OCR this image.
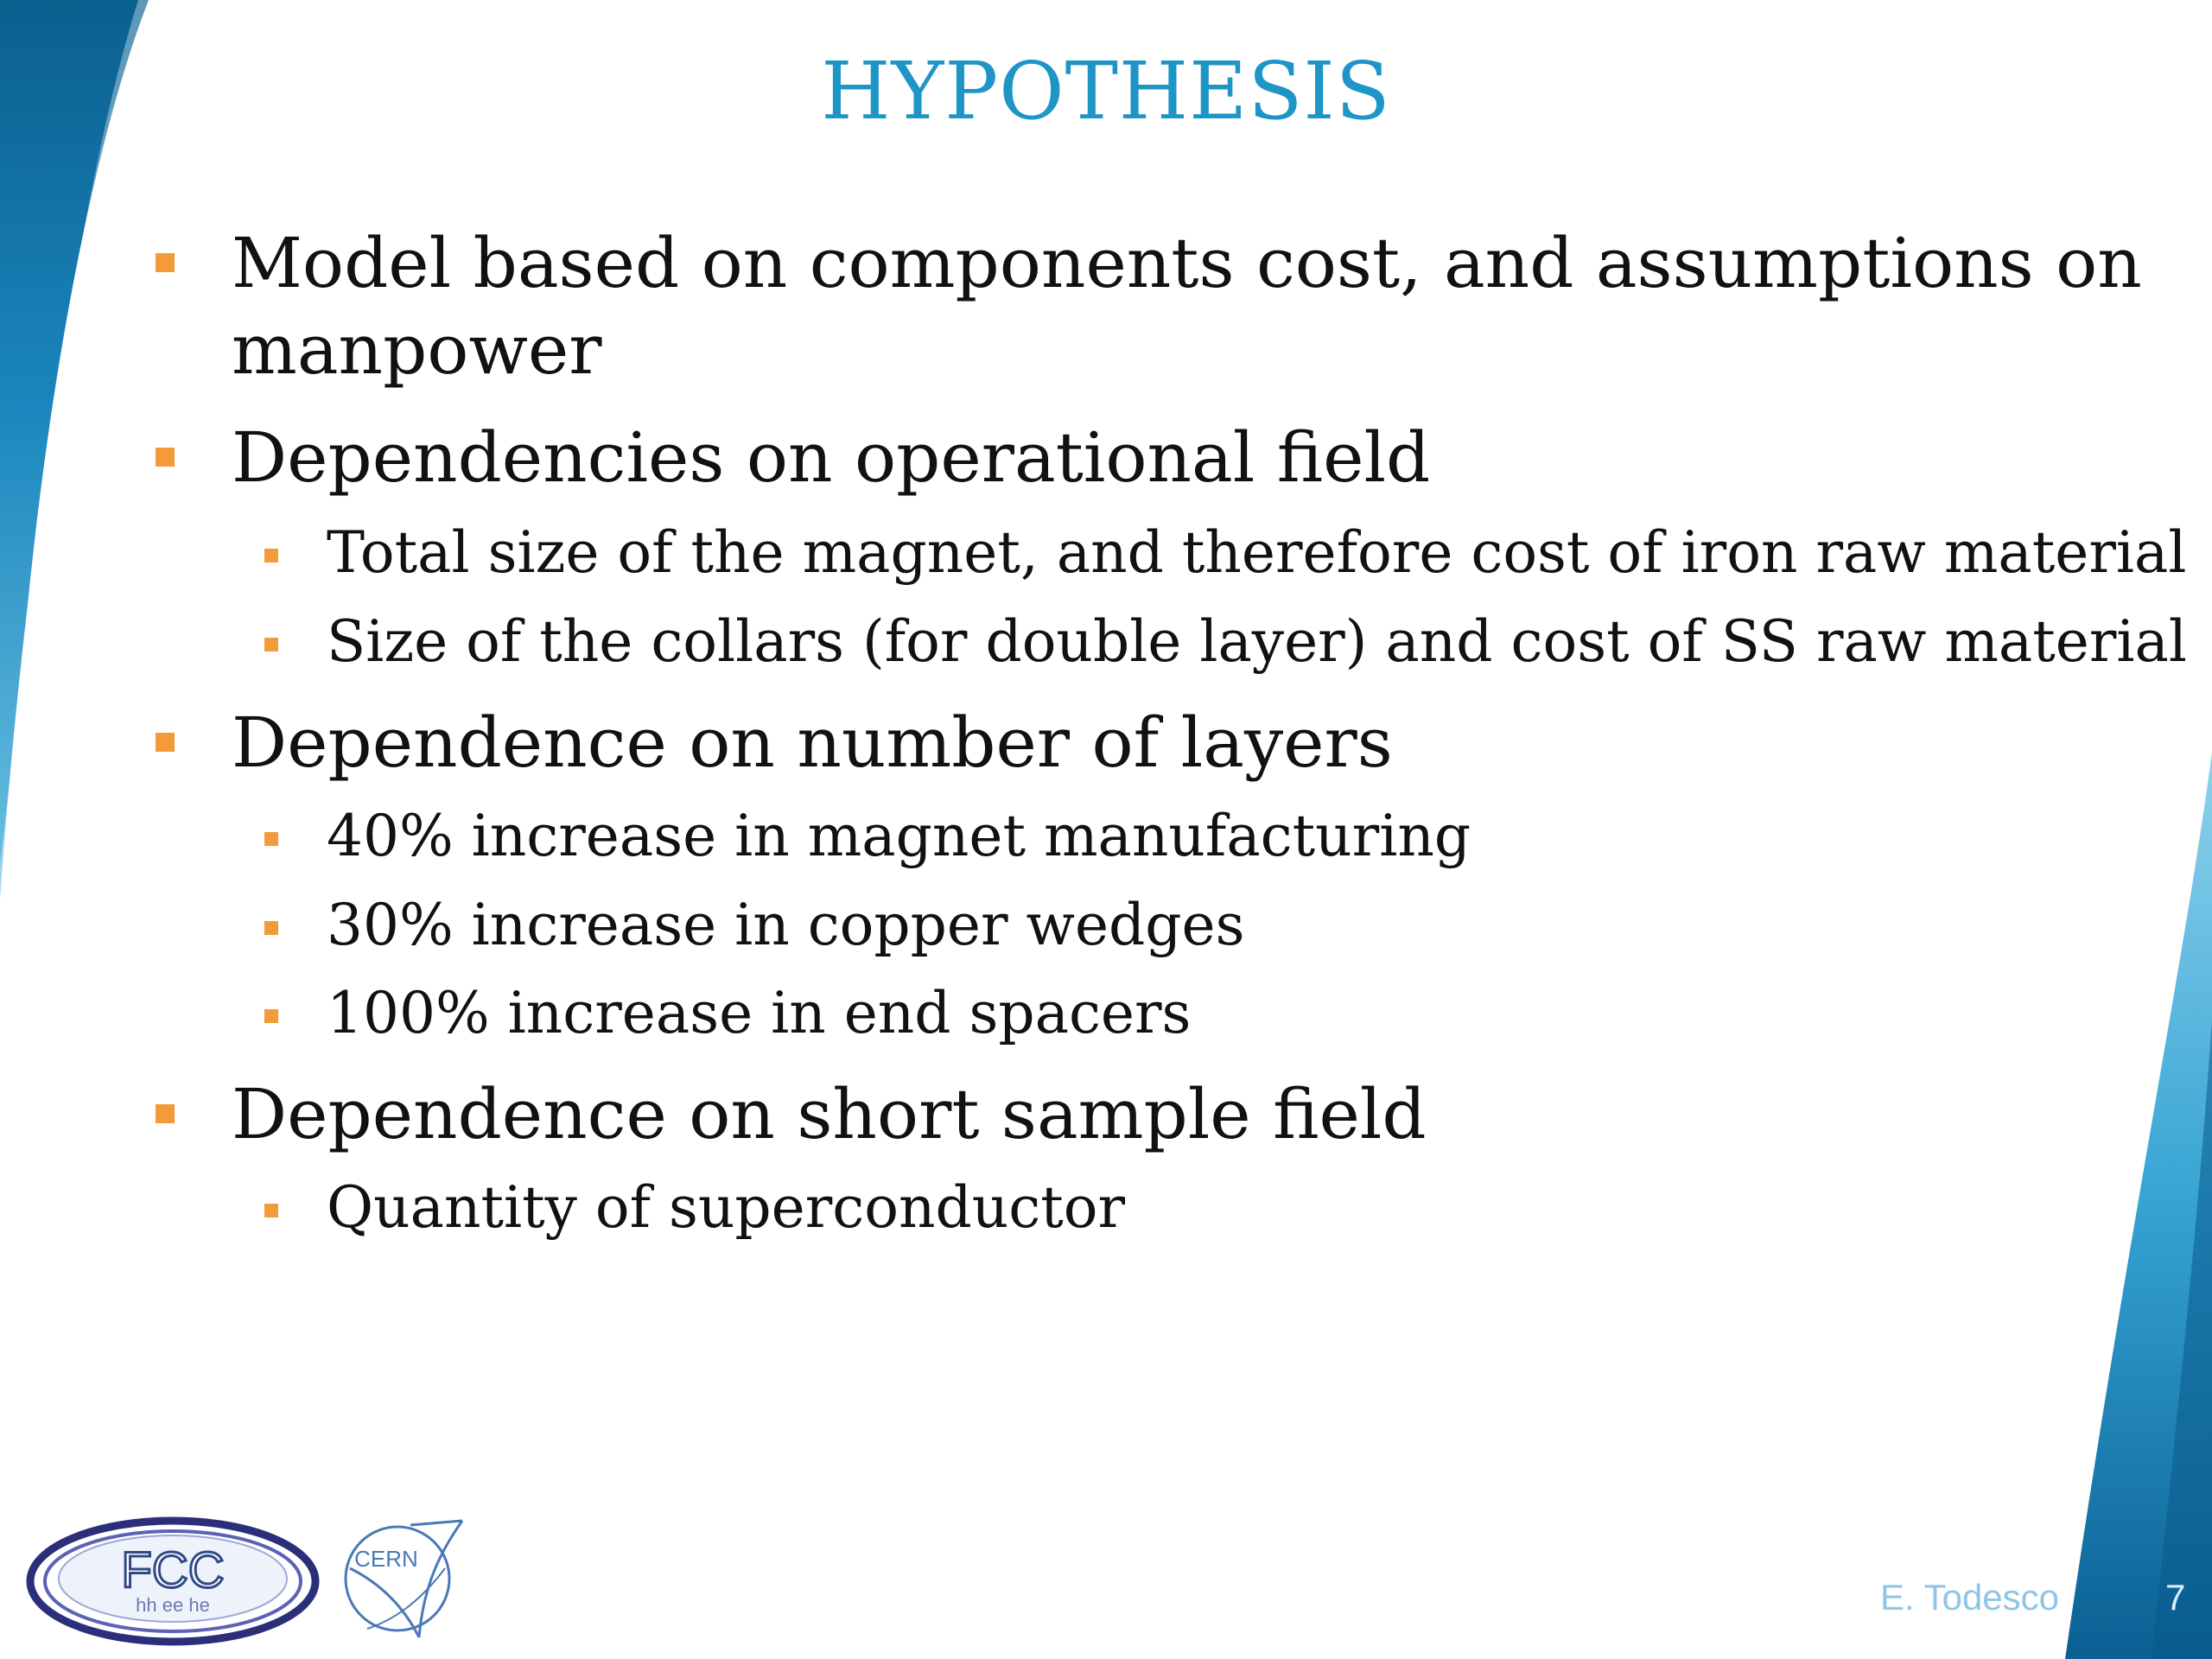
HYPOTHESIS
Model based on components cost, and assumptions on
manpower
Dependencies on operational field
Total size of the magnet, and therefore cost of iron raw material
Size of the collars (for double layer) and cost of SS raw material
Dependence on number of layers
40% increase in magnet manufacturing
30% increase in copper wedges
100% increase in end spacers
Dependence on short sample field
Quantity of superconductor
FCC
hh ee he
CERN
E. Todesco	7
